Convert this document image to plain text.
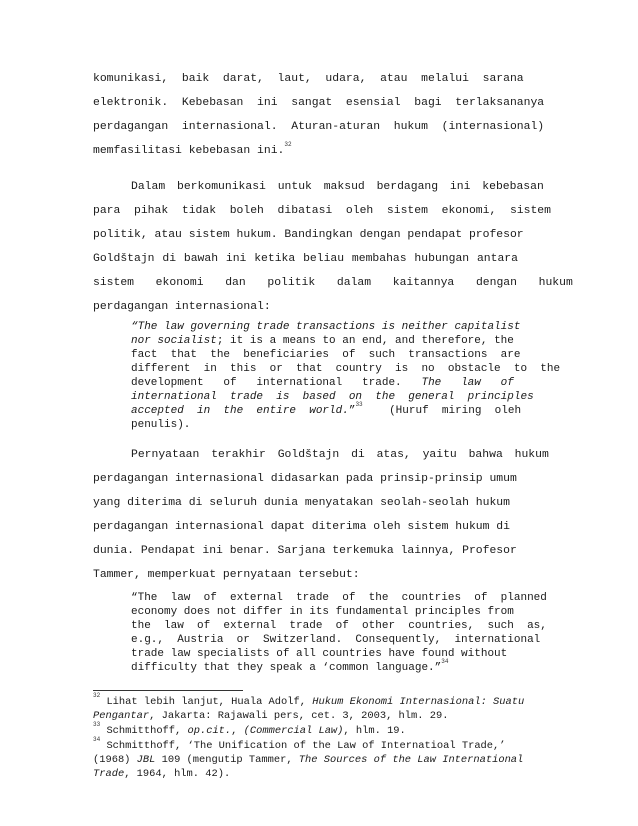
komunikasi,  baik  darat,  laut,  udara,  atau  melalui  sarana
elektronik.  Kebebasan  ini  sangat  esensial  bagi  terlaksananya
perdagangan  internasional.  Aturan-aturan  hukum  (internasional)
memfasilitasi kebebasan ini.
32
Dalam berkomunikasi untuk maksud berdagang ini kebebasan
para  pihak  tidak  boleh  dibatasi  oleh  sistem  ekonomi,  sistem
politik, atau sistem hukum. Bandingkan dengan pendapat profesor
Goldštajn di bawah ini ketika beliau membahas hubungan antara
sistem  ekonomi  dan  politik  dalam  kaitannya  dengan  hukum
perdagangan internasional:
“The law governing trade transactions is neither capitalist
nor socialist ; it is a means to an end, and therefore, the
fact  that  the  beneficiaries  of  such  transactions  are
different  in  this  or  that  country  is  no  obstacle  to  the
development   of   international   trade.
The   law   of
international  trade  is  based  on  the  general  principles
accepted  in  the  entire  world. ”
33

(Huruf  miring  oleh
penulis).
Pernyataan terakhir Goldštajn di atas, yaitu bahwa hukum
perdagangan internasional didasarkan pada prinsip-prinsip umum
yang diterima di seluruh dunia menyatakan seolah-seolah hukum
perdagangan internasional dapat diterima oleh sistem hukum di
dunia. Pendapat ini benar. Sarjana terkemuka lainnya, Profesor
Tammer, memperkuat pernyataan tersebut:
“The  law  of  external  trade  of  the  countries  of  planned
economy does not differ in its fundamental principles from
the  law  of  external  trade  of  other  countries,  such  as,
e.g.,  Austria  or  Switzerland.  Consequently,  international
trade law specialists of all countries have found without
difficulty that they speak a ‘common language.”
34
32
Lihat lebih lanjut, Huala Adolf, Hukum Ekonomi Internasional: Suatu
Pengantar , Jakarta: Rajawali pers, cet. 3, 2003, hlm. 29.
33
Schmitthoff, op.cit. , (Commercial Law) , hlm. 19.
34
Schmitthoff, ‘The Unification of the Law of Internatioal Trade,’
(1968) JBL 109 (mengutip Tammer, The Sources of the Law International
Trade , 1964, hlm. 42).
